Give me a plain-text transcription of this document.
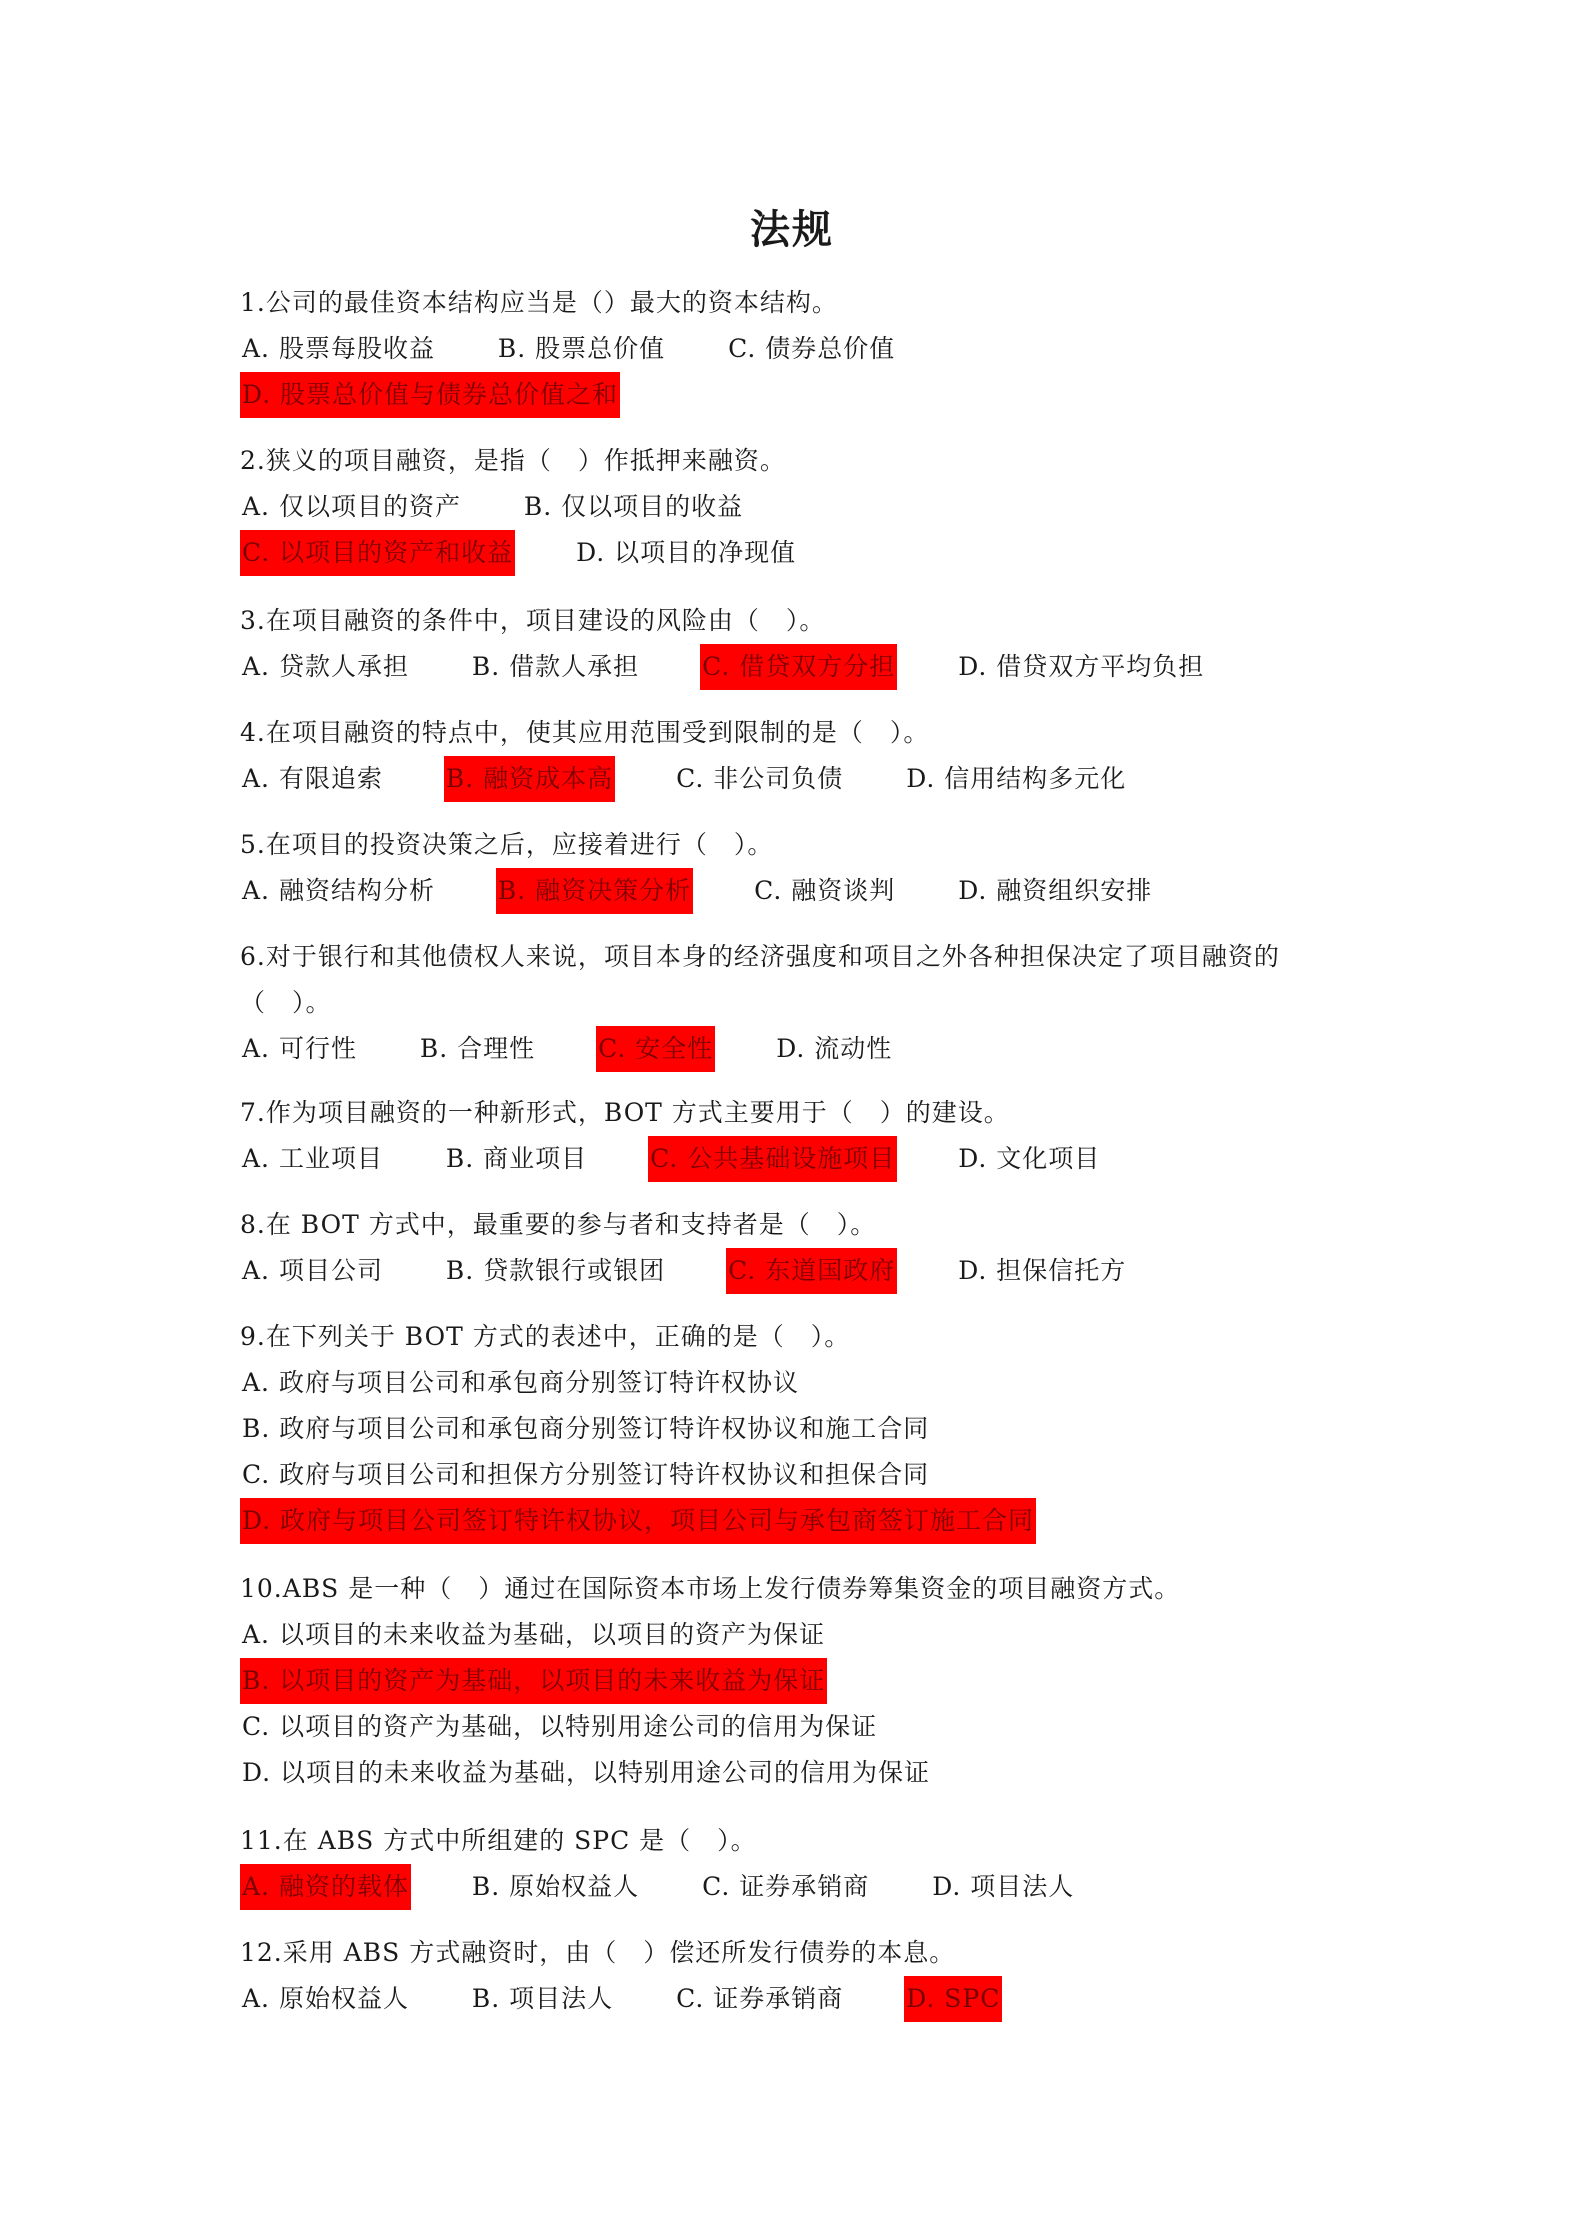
法规
1.公司的最佳资本结构应当是（）最大的资本结构。
A. 股票每股收益	B. 股票总价值	C. 债券总价值
D. 股票总价值与债券总价值之和
2.狭义的项目融资，是指（　）作抵押来融资。
A. 仅以项目的资产	B. 仅以项目的收益
C. 以项目的资产和收益	D. 以项目的净现值
3.在项目融资的条件中，项目建设的风险由（　）。
A. 贷款人承担	B. 借款人承担	C. 借贷双方分担	D. 借贷双方平均负担
4.在项目融资的特点中，使其应用范围受到限制的是（　）。
A. 有限追索	B. 融资成本高	C. 非公司负债	D. 信用结构多元化
5.在项目的投资决策之后，应接着进行（　）。
A. 融资结构分析	B. 融资决策分析	C. 融资谈判	D. 融资组织安排
6.对于银行和其他债权人来说，项目本身的经济强度和项目之外各种担保决定了项目融资的（　）。
A. 可行性	B. 合理性	C. 安全性	D. 流动性
7.作为项目融资的一种新形式，BOT 方式主要用于（　）的建设。
A. 工业项目	B. 商业项目	C. 公共基础设施项目	D. 文化项目
8.在 BOT 方式中，最重要的参与者和支持者是（　）。
A. 项目公司	B. 贷款银行或银团	C. 东道国政府	D. 担保信托方
9.在下列关于 BOT 方式的表述中，正确的是（　）。
A. 政府与项目公司和承包商分别签订特许权协议
B. 政府与项目公司和承包商分别签订特许权协议和施工合同
C. 政府与项目公司和担保方分别签订特许权协议和担保合同
D. 政府与项目公司签订特许权协议，项目公司与承包商签订施工合同
10.ABS 是一种（　）通过在国际资本市场上发行债券筹集资金的项目融资方式。
A. 以项目的未来收益为基础，以项目的资产为保证
B. 以项目的资产为基础，以项目的未来收益为保证
C. 以项目的资产为基础，以特别用途公司的信用为保证
D. 以项目的未来收益为基础，以特别用途公司的信用为保证
11.在 ABS 方式中所组建的 SPC 是（　）。
A. 融资的载体	B. 原始权益人	C. 证券承销商	D. 项目法人
12.采用 ABS 方式融资时，由（　）偿还所发行债券的本息。
A. 原始权益人	B. 项目法人	C. 证券承销商	D. SPC
